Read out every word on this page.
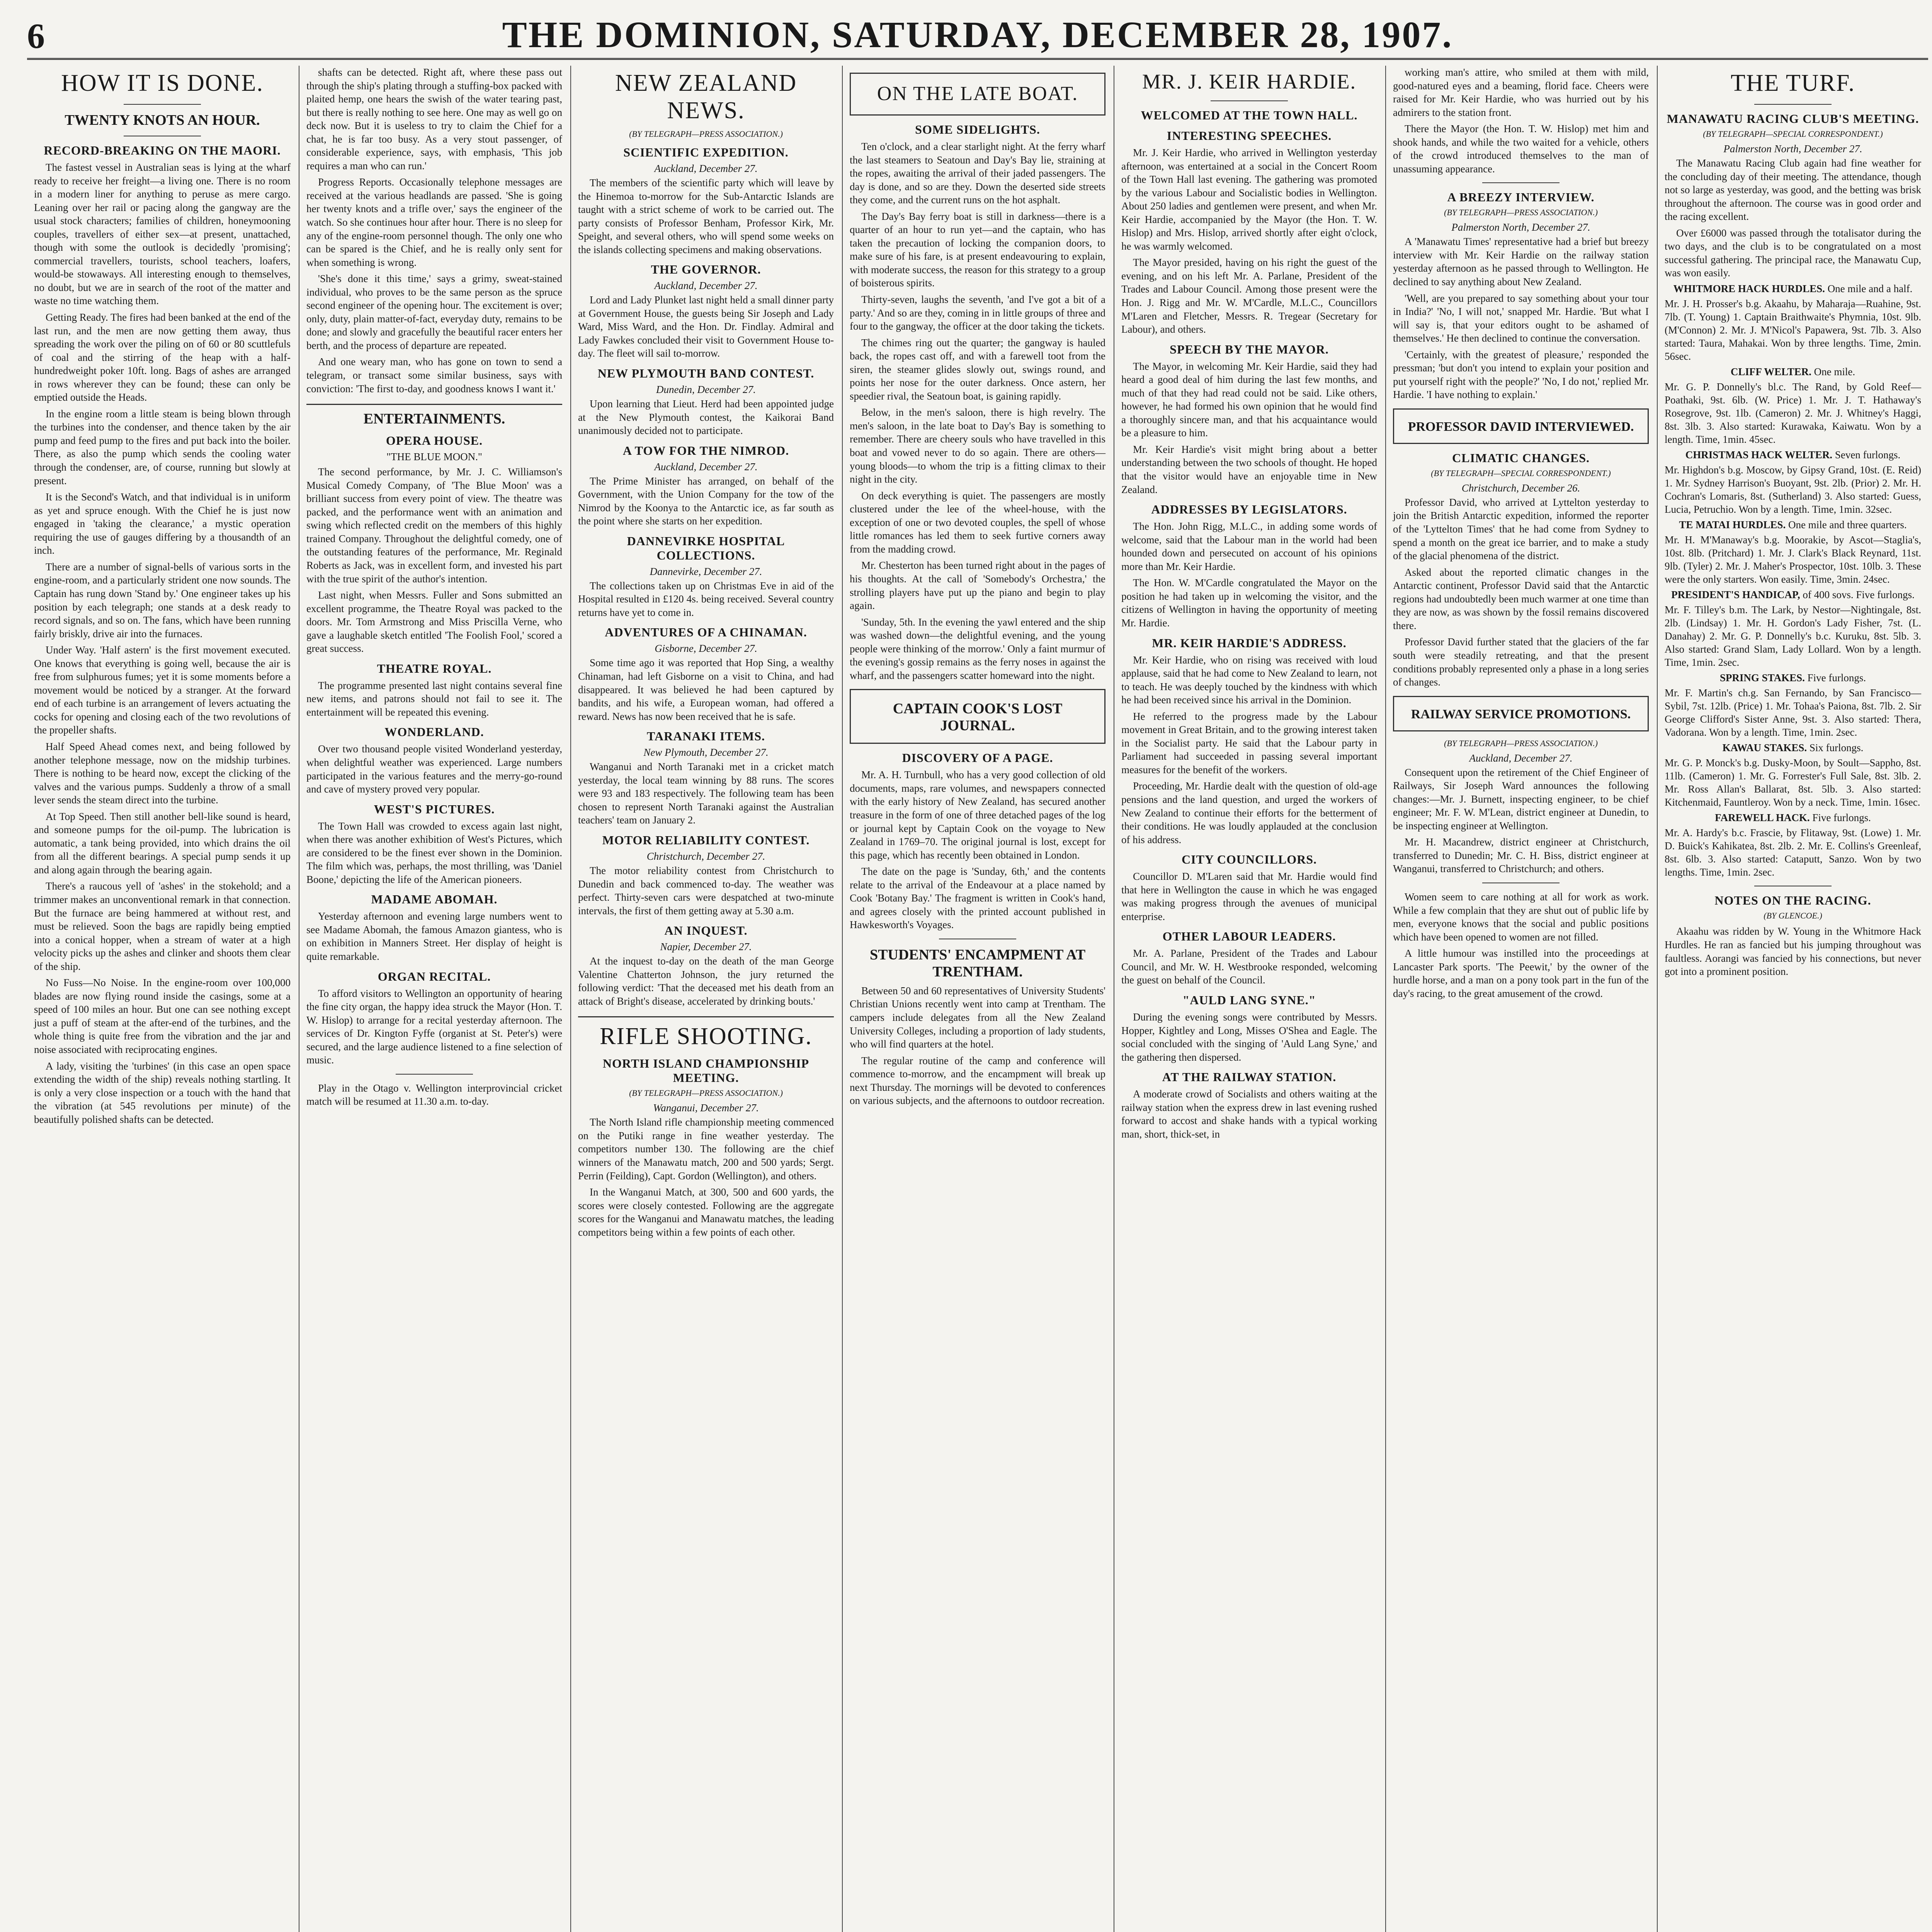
6	THE DOMINION, SATURDAY, DECEMBER 28, 1907.
HOW IT IS DONE.
TWENTY KNOTS AN HOUR.
RECORD-BREAKING ON THE MAORI.

The fastest vessel in Australian seas is lying at the wharf ready to receive her freight—a living one. There is no room in a modern liner for anything to peruse as mere cargo. Leaning over her rail or pacing along the gangway are the usual stock characters; families of children, honeymooning couples, travellers of either sex—at present, unattached, though with some the outlook is decidedly 'promising'; commercial travellers, tourists, school teachers, loafers, would-be stowaways. All interesting enough to themselves, no doubt, but we are in search of the root of the matter and waste no time watching them.

Getting Ready. The fires had been banked at the end of the last run, and the men are now getting them away, thus spreading the work over the piling on of 60 or 80 scuttlefuls of coal and the stirring of the heap with a half-hundredweight poker 10ft. long. Bags of ashes are arranged in rows wherever they can be found; these can only be emptied outside the Heads.

In the engine room a little steam is being blown through the turbines into the condenser, and thence taken by the air pump and feed pump to the fires and put back into the boiler. There, as also the pump which sends the cooling water through the condenser, are, of course, running but slowly at present.

It is the Second's Watch, and that individual is in uniform as yet and spruce enough. With the Chief he is just now engaged in 'taking the clearance,' a mystic operation requiring the use of gauges differing by a thousandth of an inch.

There are a number of signal-bells of various sorts in the engine-room, and a particularly strident one now sounds. The Captain has rung down 'Stand by.' One engineer takes up his position by each telegraph; one stands at a desk ready to record signals, and so on. The fans, which have been running fairly briskly, drive air into the furnaces.

Under Way. 'Half astern' is the first movement executed. One knows that everything is going well, because the air is free from sulphurous fumes; yet it is some moments before a movement would be noticed by a stranger. At the forward end of each turbine is an arrangement of levers actuating the cocks for opening and closing each of the two revolutions of the propeller shafts.

Half Speed Ahead comes next, and being followed by another telephone message, now on the midship turbines. There is nothing to be heard now, except the clicking of the valves and the various pumps. Suddenly a throw of a small lever sends the steam direct into the turbine.

At Top Speed. Then still another bell-like sound is heard, and someone pumps for the oil-pump. The lubrication is automatic, a tank being provided, into which drains the oil from all the different bearings. A special pump sends it up and along again through the bearing again.

There's a raucous yell of 'ashes' in the stokehold; and a trimmer makes an unconventional remark in that connection. But the furnace are being hammered at without rest, and must be relieved. Soon the bags are rapidly being emptied into a conical hopper, when a stream of water at a high velocity picks up the ashes and clinker and shoots them clear of the ship.

No Fuss—No Noise. In the engine-room over 100,000 blades are now flying round inside the casings, some at a speed of 100 miles an hour. But one can see nothing except just a puff of steam at the after-end of the turbines, and the whole thing is quite free from the vibration and the jar and noise associated with reciprocating engines.

A lady, visiting the 'turbines' (in this case an open space extending the width of the ship) reveals nothing startling. It is only a very close inspection or a touch with the hand that the vibration (at 545 revolutions per minute) of the beautifully polished shafts can be detected.

shafts can be detected. Right aft, where these pass out through the ship's plating through a stuffing-box packed with plaited hemp, one hears the swish of the water tearing past, but there is really nothing to see here. One may as well go on deck now. But it is useless to try to claim the Chief for a chat, he is far too busy. As a very stout passenger, of considerable experience, says, with emphasis, 'This job requires a man who can run.'

Progress Reports. Occasionally telephone messages are received at the various headlands are passed. 'She is going her twenty knots and a trifle over,' says the engineer of the watch. So she continues hour after hour. There is no sleep for any of the engine-room personnel though. The only one who can be spared is the Chief, and he is really only sent for when something is wrong.

'She's done it this time,' says a grimy, sweat-stained individual, who proves to be the same person as the spruce second engineer of the opening hour. The excitement is over; only, duty, plain matter-of-fact, everyday duty, remains to be done; and slowly and gracefully the beautiful racer enters her berth, and the process of departure are repeated.

And one weary man, who has gone on town to send a telegram, or transact some similar business, says with conviction: 'The first to-day, and goodness knows I want it.'

ENTERTAINMENTS.
OPERA HOUSE.
"THE BLUE MOON."

The second performance, by Mr. J. C. Williamson's Musical Comedy Company, of 'The Blue Moon' was a brilliant success from every point of view. The theatre was packed, and the performance went with an animation and swing which reflected credit on the members of this highly trained Company. Throughout the delightful comedy, one of the outstanding features of the performance, Mr. Reginald Roberts as Jack, was in excellent form, and invested his part with the true spirit of the author's intention.

Last night, when Messrs. Fuller and Sons submitted an excellent programme, the Theatre Royal was packed to the doors. Mr. Tom Armstrong and Miss Priscilla Verne, who gave a laughable sketch entitled 'The Foolish Fool,' scored a great success.

THEATRE ROYAL.

The programme presented last night contains several fine new items, and patrons should not fail to see it. The entertainment will be repeated this evening.

WONDERLAND.

Over two thousand people visited Wonderland yesterday, when delightful weather was experienced. Large numbers participated in the various features and the merry-go-round and cave of mystery proved very popular.

WEST'S PICTURES.

The Town Hall was crowded to excess again last night, when there was another exhibition of West's Pictures, which are considered to be the finest ever shown in the Dominion. The film which was, perhaps, the most thrilling, was 'Daniel Boone,' depicting the life of the American pioneers.

MADAME ABOMAH.

Yesterday afternoon and evening large numbers went to see Madame Abomah, the famous Amazon giantess, who is on exhibition in Manners Street. Her display of height is quite remarkable.

ORGAN RECITAL.

To afford visitors to Wellington an opportunity of hearing the fine city organ, the happy idea struck the Mayor (Hon. T. W. Hislop) to arrange for a recital yesterday afternoon. The services of Dr. Kington Fyffe (organist at St. Peter's) were secured, and the large audience listened to a fine selection of music.

Play in the Otago v. Wellington interprovincial cricket match will be resumed at 11.30 a.m. to-day.

NEW ZEALAND NEWS.
(BY TELEGRAPH—PRESS ASSOCIATION.)
SCIENTIFIC EXPEDITION.
Auckland, December 27.

The members of the scientific party which will leave by the Hinemoa to-morrow for the Sub-Antarctic Islands are taught with a strict scheme of work to be carried out. The party consists of Professor Benham, Professor Kirk, Mr. Speight, and several others, who will spend some weeks on the islands collecting specimens and making observations.

THE GOVERNOR.
Auckland, December 27.

Lord and Lady Plunket last night held a small dinner party at Government House, the guests being Sir Joseph and Lady Ward, Miss Ward, and the Hon. Dr. Findlay. Admiral and Lady Fawkes concluded their visit to Government House to-day. The fleet will sail to-morrow.

NEW PLYMOUTH BAND CONTEST.
Dunedin, December 27.

Upon learning that Lieut. Herd had been appointed judge at the New Plymouth contest, the Kaikorai Band unanimously decided not to participate.

A TOW FOR THE NIMROD.
Auckland, December 27.

The Prime Minister has arranged, on behalf of the Government, with the Union Company for the tow of the Nimrod by the Koonya to the Antarctic ice, as far south as the point where she starts on her expedition.

DANNEVIRKE HOSPITAL COLLECTIONS.
Dannevirke, December 27.

The collections taken up on Christmas Eve in aid of the Hospital resulted in £120 4s. being received. Several country returns have yet to come in.

ADVENTURES OF A CHINAMAN.
Gisborne, December 27.

Some time ago it was reported that Hop Sing, a wealthy Chinaman, had left Gisborne on a visit to China, and had disappeared. It was believed he had been captured by bandits, and his wife, a European woman, had offered a reward. News has now been received that he is safe.

TARANAKI ITEMS.
New Plymouth, December 27.

Wanganui and North Taranaki met in a cricket match yesterday, the local team winning by 88 runs. The scores were 93 and 183 respectively. The following team has been chosen to represent North Taranaki against the Australian teachers' team on January 2.

MOTOR RELIABILITY CONTEST.
Christchurch, December 27.

The motor reliability contest from Christchurch to Dunedin and back commenced to-day. The weather was perfect. Thirty-seven cars were despatched at two-minute intervals, the first of them getting away at 5.30 a.m.

AN INQUEST.
Napier, December 27.

At the inquest to-day on the death of the man George Valentine Chatterton Johnson, the jury returned the following verdict: 'That the deceased met his death from an attack of Bright's disease, accelerated by drinking bouts.'

RIFLE SHOOTING.
NORTH ISLAND CHAMPIONSHIP MEETING.
(BY TELEGRAPH—PRESS ASSOCIATION.)
Wanganui, December 27.

The North Island rifle championship meeting commenced on the Putiki range in fine weather yesterday. The competitors number 130. The following are the chief winners of the Manawatu match, 200 and 500 yards; Sergt. Perrin (Feilding), Capt. Gordon (Wellington), and others.

In the Wanganui Match, at 300, 500 and 600 yards, the scores were closely contested. Following are the aggregate scores for the Wanganui and Manawatu matches, the leading competitors being within a few points of each other.

ON THE LATE BOAT.
SOME SIDELIGHTS.

Ten o'clock, and a clear starlight night. At the ferry wharf the last steamers to Seatoun and Day's Bay lie, straining at the ropes, awaiting the arrival of their jaded passengers. The day is done, and so are they. Down the deserted side streets they come, and the current runs on the hot asphalt.

The Day's Bay ferry boat is still in darkness—there is a quarter of an hour to run yet—and the captain, who has taken the precaution of locking the companion doors, to make sure of his fare, is at present endeavouring to explain, with moderate success, the reason for this strategy to a group of boisterous spirits.

Thirty-seven, laughs the seventh, 'and I've got a bit of a party.' And so are they, coming in in little groups of three and four to the gangway, the officer at the door taking the tickets.

The chimes ring out the quarter; the gangway is hauled back, the ropes cast off, and with a farewell toot from the siren, the steamer glides slowly out, swings round, and points her nose for the outer darkness. Once astern, her speedier rival, the Seatoun boat, is gaining rapidly.

Below, in the men's saloon, there is high revelry. The men's saloon, in the late boat to Day's Bay is something to remember. There are cheery souls who have travelled in this boat and vowed never to do so again. There are others—young bloods—to whom the trip is a fitting climax to their night in the city.

On deck everything is quiet. The passengers are mostly clustered under the lee of the wheel-house, with the exception of one or two devoted couples, the spell of whose little romances has led them to seek furtive corners away from the madding crowd.

Mr. Chesterton has been turned right about in the pages of his thoughts. At the call of 'Somebody's Orchestra,' the strolling players have put up the piano and begin to play again.

'Sunday, 5th. In the evening the yawl entered and the ship was washed down—the delightful evening, and the young people were thinking of the morrow.' Only a faint murmur of the evening's gossip remains as the ferry noses in against the wharf, and the passengers scatter homeward into the night.

CAPTAIN COOK'S LOST JOURNAL.
DISCOVERY OF A PAGE.

Mr. A. H. Turnbull, who has a very good collection of old documents, maps, rare volumes, and newspapers connected with the early history of New Zealand, has secured another treasure in the form of one of three detached pages of the log or journal kept by Captain Cook on the voyage to New Zealand in 1769–70. The original journal is lost, except for this page, which has recently been obtained in London.

The date on the page is 'Sunday, 6th,' and the contents relate to the arrival of the Endeavour at a place named by Cook 'Botany Bay.' The fragment is written in Cook's hand, and agrees closely with the printed account published in Hawkesworth's Voyages.

STUDENTS' ENCAMPMENT AT TRENTHAM.

Between 50 and 60 representatives of University Students' Christian Unions recently went into camp at Trentham. The campers include delegates from all the New Zealand University Colleges, including a proportion of lady students, who will find quarters at the hotel.

The regular routine of the camp and conference will commence to-morrow, and the encampment will break up next Thursday. The mornings will be devoted to conferences on various subjects, and the afternoons to outdoor recreation.

MR. J. KEIR HARDIE.
WELCOMED AT THE TOWN HALL.
INTERESTING SPEECHES.

Mr. J. Keir Hardie, who arrived in Wellington yesterday afternoon, was entertained at a social in the Concert Room of the Town Hall last evening. The gathering was promoted by the various Labour and Socialistic bodies in Wellington. About 250 ladies and gentlemen were present, and when Mr. Keir Hardie, accompanied by the Mayor (the Hon. T. W. Hislop) and Mrs. Hislop, arrived shortly after eight o'clock, he was warmly welcomed.

The Mayor presided, having on his right the guest of the evening, and on his left Mr. A. Parlane, President of the Trades and Labour Council. Among those present were the Hon. J. Rigg and Mr. W. M'Cardle, M.L.C., Councillors M'Laren and Fletcher, Messrs. R. Tregear (Secretary for Labour), and others.

SPEECH BY THE MAYOR.

The Mayor, in welcoming Mr. Keir Hardie, said they had heard a good deal of him during the last few months, and much of that they had read could not be said. Like others, however, he had formed his own opinion that he would find a thoroughly sincere man, and that his acquaintance would be a pleasure to him.

Mr. Keir Hardie's visit might bring about a better understanding between the two schools of thought. He hoped that the visitor would have an enjoyable time in New Zealand.

ADDRESSES BY LEGISLATORS.

The Hon. John Rigg, M.L.C., in adding some words of welcome, said that the Labour man in the world had been hounded down and persecuted on account of his opinions more than Mr. Keir Hardie.

The Hon. W. M'Cardle congratulated the Mayor on the position he had taken up in welcoming the visitor, and the citizens of Wellington in having the opportunity of meeting Mr. Hardie.

MR. KEIR HARDIE'S ADDRESS.

Mr. Keir Hardie, who on rising was received with loud applause, said that he had come to New Zealand to learn, not to teach. He was deeply touched by the kindness with which he had been received since his arrival in the Dominion.

He referred to the progress made by the Labour movement in Great Britain, and to the growing interest taken in the Socialist party. He said that the Labour party in Parliament had succeeded in passing several important measures for the benefit of the workers.

Proceeding, Mr. Hardie dealt with the question of old-age pensions and the land question, and urged the workers of New Zealand to continue their efforts for the betterment of their conditions. He was loudly applauded at the conclusion of his address.

CITY COUNCILLORS.

Councillor D. M'Laren said that Mr. Hardie would find that here in Wellington the cause in which he was engaged was making progress through the avenues of municipal enterprise.

OTHER LABOUR LEADERS.

Mr. A. Parlane, President of the Trades and Labour Council, and Mr. W. H. Westbrooke responded, welcoming the guest on behalf of the Council.

"AULD LANG SYNE."

During the evening songs were contributed by Messrs. Hopper, Kightley and Long, Misses O'Shea and Eagle. The social concluded with the singing of 'Auld Lang Syne,' and the gathering then dispersed.

AT THE RAILWAY STATION.

A moderate crowd of Socialists and others waiting at the railway station when the express drew in last evening rushed forward to accost and shake hands with a typical working man, short, thick-set, in

working man's attire, who smiled at them with mild, good-natured eyes and a beaming, florid face. Cheers were raised for Mr. Keir Hardie, who was hurried out by his admirers to the station front.

There the Mayor (the Hon. T. W. Hislop) met him and shook hands, and while the two waited for a vehicle, others of the crowd introduced themselves to the man of unassuming appearance.

A BREEZY INTERVIEW.
(BY TELEGRAPH—PRESS ASSOCIATION.)
Palmerston North, December 27.

A 'Manawatu Times' representative had a brief but breezy interview with Mr. Keir Hardie on the railway station yesterday afternoon as he passed through to Wellington. He declined to say anything about New Zealand.

'Well, are you prepared to say something about your tour in India?' 'No, I will not,' snapped Mr. Hardie. 'But what I will say is, that your editors ought to be ashamed of themselves.' He then declined to continue the conversation.

'Certainly, with the greatest of pleasure,' responded the pressman; 'but don't you intend to explain your position and put yourself right with the people?' 'No, I do not,' replied Mr. Hardie. 'I have nothing to explain.'

PROFESSOR DAVID INTERVIEWED.
CLIMATIC CHANGES.
(BY TELEGRAPH—SPECIAL CORRESPONDENT.)
Christchurch, December 26.

Professor David, who arrived at Lyttelton yesterday to join the British Antarctic expedition, informed the reporter of the 'Lyttelton Times' that he had come from Sydney to spend a month on the great ice barrier, and to make a study of the glacial phenomena of the district.

Asked about the reported climatic changes in the Antarctic continent, Professor David said that the Antarctic regions had undoubtedly been much warmer at one time than they are now, as was shown by the fossil remains discovered there.

Professor David further stated that the glaciers of the far south were steadily retreating, and that the present conditions probably represented only a phase in a long series of changes.

RAILWAY SERVICE PROMOTIONS.
(BY TELEGRAPH—PRESS ASSOCIATION.)
Auckland, December 27.

Consequent upon the retirement of the Chief Engineer of Railways, Sir Joseph Ward announces the following changes:—Mr. J. Burnett, inspecting engineer, to be chief engineer; Mr. F. W. M'Lean, district engineer at Dunedin, to be inspecting engineer at Wellington.

Mr. H. Macandrew, district engineer at Christchurch, transferred to Dunedin; Mr. C. H. Biss, district engineer at Wanganui, transferred to Christchurch; and others.

Women seem to care nothing at all for work as work. While a few complain that they are shut out of public life by men, everyone knows that the social and public positions which have been opened to women are not filled.

A little humour was instilled into the proceedings at Lancaster Park sports. 'The Peewit,' by the owner of the hurdle horse, and a man on a pony took part in the fun of the day's racing, to the great amusement of the crowd.

THE TURF.
MANAWATU RACING CLUB'S MEETING.
(BY TELEGRAPH—SPECIAL CORRESPONDENT.)
Palmerston North, December 27.

The Manawatu Racing Club again had fine weather for the concluding day of their meeting. The attendance, though not so large as yesterday, was good, and the betting was brisk throughout the afternoon. The course was in good order and the racing excellent.

Over £6000 was passed through the totalisator during the two days, and the club is to be congratulated on a most successful gathering. The principal race, the Manawatu Cup, was won easily.

WHITMORE HACK HURDLES. One mile and a half.

Mr. J. H. Prosser's b.g. Akaahu, by Maharaja—Ruahine, 9st. 7lb. (T. Young) 1. Captain Braithwaite's Phymnia, 10st. 9lb. (M'Connon) 2. Mr. J. M'Nicol's Papawera, 9st. 7lb. 3. Also started: Taura, Mahakai. Won by three lengths. Time, 2min. 56sec.

CLIFF WELTER. One mile.

Mr. G. P. Donnelly's bl.c. The Rand, by Gold Reef—Poathaki, 9st. 6lb. (W. Price) 1. Mr. J. T. Hathaway's Rosegrove, 9st. 1lb. (Cameron) 2. Mr. J. Whitney's Haggi, 8st. 3lb. 3. Also started: Kurawaka, Kaiwatu. Won by a length. Time, 1min. 45sec.

CHRISTMAS HACK WELTER. Seven furlongs.

Mr. Highdon's b.g. Moscow, by Gipsy Grand, 10st. (E. Reid) 1. Mr. Sydney Harrison's Buoyant, 9st. 2lb. (Prior) 2. Mr. H. Cochran's Lomaris, 8st. (Sutherland) 3. Also started: Guess, Lucia, Petruchio. Won by a length. Time, 1min. 32sec.

TE MATAI HURDLES. One mile and three quarters.

Mr. H. M'Manaway's b.g. Moorakie, by Ascot—Staglia's, 10st. 8lb. (Pritchard) 1. Mr. J. Clark's Black Reynard, 11st. 9lb. (Tyler) 2. Mr. J. Maher's Prospector, 10st. 10lb. 3. These were the only starters. Won easily. Time, 3min. 24sec.

PRESIDENT'S HANDICAP, of 400 sovs. Five furlongs.

Mr. F. Tilley's b.m. The Lark, by Nestor—Nightingale, 8st. 2lb. (Lindsay) 1. Mr. H. Gordon's Lady Fisher, 7st. (L. Danahay) 2. Mr. G. P. Donnelly's b.c. Kuruku, 8st. 5lb. 3. Also started: Grand Slam, Lady Lollard. Won by a length. Time, 1min. 2sec.

SPRING STAKES. Five furlongs.

Mr. F. Martin's ch.g. San Fernando, by San Francisco—Sybil, 7st. 12lb. (Price) 1. Mr. Tohaa's Paiona, 8st. 7lb. 2. Sir George Clifford's Sister Anne, 9st. 3. Also started: Thera, Vadorana. Won by a length. Time, 1min. 2sec.

KAWAU STAKES. Six furlongs.

Mr. G. P. Monck's b.g. Dusky-Moon, by Soult—Sappho, 8st. 11lb. (Cameron) 1. Mr. G. Forrester's Full Sale, 8st. 3lb. 2. Mr. Ross Allan's Ballarat, 8st. 5lb. 3. Also started: Kitchenmaid, Fauntleroy. Won by a neck. Time, 1min. 16sec.

FAREWELL HACK. Five furlongs.

Mr. A. Hardy's b.c. Frascie, by Flitaway, 9st. (Lowe) 1. Mr. D. Buick's Kahikatea, 8st. 2lb. 2. Mr. E. Collins's Greenleaf, 8st. 6lb. 3. Also started: Cataputt, Sanzo. Won by two lengths. Time, 1min. 2sec.

NOTES ON THE RACING.
(BY GLENCOE.)

Akaahu was ridden by W. Young in the Whitmore Hack Hurdles. He ran as fancied but his jumping throughout was faultless. Aorangi was fancied by his connections, but never got into a prominent position.
